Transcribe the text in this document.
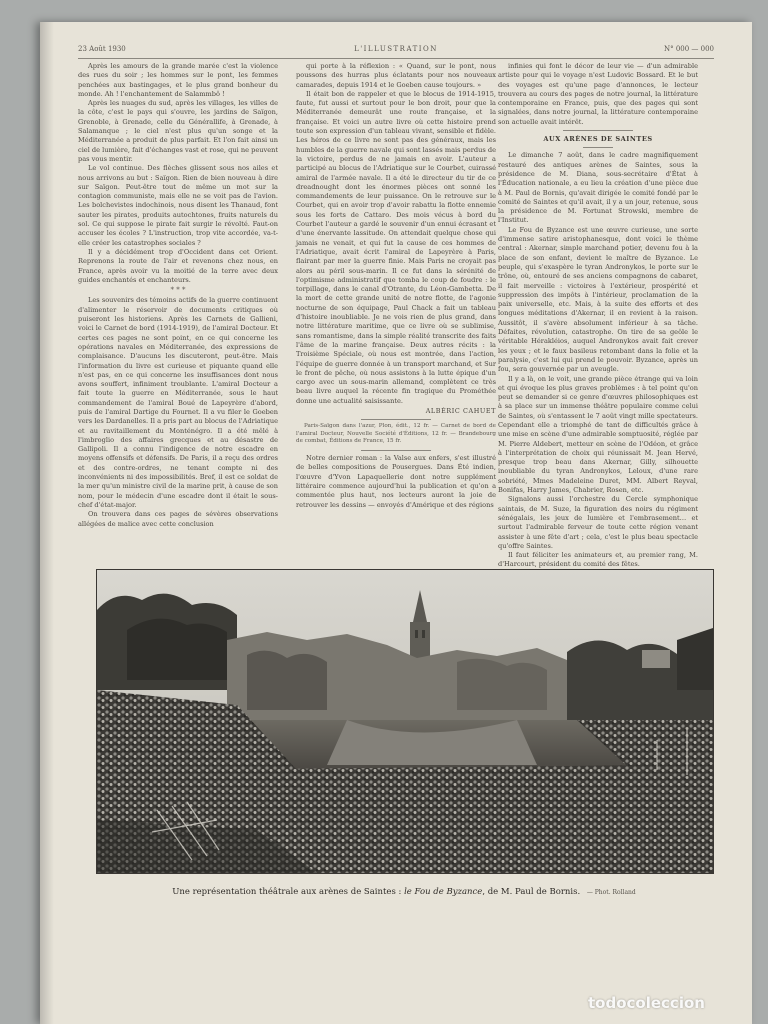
23 Août 1930	L'ILLUSTRATION	N° 000 — 000

Après les amours de la grande marée c'est la violence des rues du soir ; les hommes sur le pont, les femmes penchées aux bastingages, et le plus grand bonheur du monde. Ah ! l'enchantement de Salammbô !

Après les nuages du sud, après les villages, les villes de la côte, c'est le pays qui s'ouvre, les jardins de Saïgon, Grenoble, à Grenade, celle du Générallife, à Grenade, à Salamanque ; le ciel n'est plus qu'un songe et la Méditerranée a produit de plus parfait. Et l'on fait ainsi un ciel de lumière, fait d'échanges vast et rose, qui ne peuvent pas vous mentir.

Le vol continue. Des flèches glissent sous nos ailes et nous arrivons au but : Saïgon. Rien de bien nouveau à dire sur Saïgon. Peut-être tout de même un mot sur la contagion communiste, mais elle ne se voit pas de l'avion. Les bolchevistes indochinois, nous disent les Thanaud, font sauter les pirates, produits autochtones, fruits naturels du sol. Ce qui suppose le pirate fait surgir le révolté. Faut-on accuser les écoles ? L'instruction, trop vite accordée, va-t-elle créer les catastrophes sociales ?

Il y a décidément trop d'Occident dans cet Orient. Reprenons la route de l'air et revenons chez nous, en France, après avoir vu la moitié de la terre avec deux guides enchantés et enchanteurs.

* * *

Les souvenirs des témoins actifs de la guerre continuent d'alimenter le réservoir de documents critiques où puiseront les historiens. Après les Carnets de Gallieni, voici le Carnet de bord (1914-1919), de l'amiral Docteur. Et certes ces pages ne sont point, en ce qui concerne les opérations navales en Méditerranée, des expressions de complaisance. D'aucuns les discuteront, peut-être. Mais l'information du livre est curieuse et piquante quand elle n'est pas, en ce qui concerne les insuffisances dont nous avons souffert, infiniment troublante. L'amiral Docteur a fait toute la guerre en Méditerranée, sous le haut commandement de l'amiral Boué de Lapeyrère d'abord, puis de l'amiral Dartige du Fournet. Il a vu filer le Goeben vers les Dardanelles. Il a pris part au blocus de l'Adriatique et au ravitaillement du Monténégro. Il a été mêlé à l'imbroglio des affaires grecques et au désastre de Gallipoli. Il a connu l'indigence de notre escadre en moyens offensifs et défensifs. De Paris, il a reçu des ordres et des contre-ordres, ne tenant compte ni des inconvénients ni des impossibilités. Bref, il est ce soldat de la mer qu'un ministre civil de la marine prit, à cause de son nom, pour le médecin d'une escadre dont il était le sous-chef d'état-major.

On trouvera dans ces pages de sévères observations allégées de malice avec cette conclusion

qui porte à la réflexion : « Quand, sur le pont, nous poussons des hurras plus éclatants pour nos nouveaux camarades, depuis 1914 et le Goeben cause toujours. »

Il était bon de rappeler et que le blocus de 1914-1915, faute, fut aussi et surtout pour le bon droit, pour que la Méditerranée demeurât une route française, et la française. Et voici un autre livre où cette histoire prend toute son expression d'un tableau vivant, sensible et fidèle. Les héros de ce livre ne sont pas des généraux, mais les humbles de la guerre navale qui sont lassés mais perdus de la victoire, perdus de ne jamais en avoir. L'auteur a participé au blocus de l'Adriatique sur le Courbet, cuirassé amiral de l'armée navale. Il a été le directeur du tir de ce dreadnought dont les énormes pièces ont sonné les commandements de leur puissance. On le retrouve sur le Courbet, qui en avoir trop d'avoir rabattu la flotte ennemie sous les forts de Cattaro. Des mois vécus à bord du Courbet l'auteur a gardé le souvenir d'un ennui écrasant et d'une énervante lassitude. On attendait quelque chose qui jamais ne venait, et qui fut la cause de ces hommes de l'Adriatique, avait écrit l'amiral de Lapeyrère à Paris, flairant par mer la guerre finie. Mais Paris ne croyait pas alors au péril sous-marin. Il ce fut dans la sérénité de l'optimisme administratif que tomba le coup de foudre : le torpillage, dans le canal d'Otrante, du Léon-Gambetta. De la mort de cette grande unité de notre flotte, de l'agonie nocturne de son équipage, Paul Chack a fait un tableau d'histoire inoubliable. Je ne vois rien de plus grand, dans notre littérature maritime, que ce livre où se sublimise, sans romantisme, dans la simple réalité transcrite des faits l'âme de la marine française. Deux autres récits : la Troisième Spéciale, où nous est montrée, dans l'action, l'équipe de guerre donnée à un transport marchand, et Sur le front de pêche, où nous assistons à la lutte épique d'un cargo avec un sous-marin allemand, complètent ce très beau livre auquel la récente fin tragique du Prométhée donne une actualité saisissante.

ALBÉRIC CAHUET

Paris-Saïgon dans l'azur, Plon, édit., 12 fr. — Carnet de bord de l'amiral Docteur, Nouvelle Société d'Éditions, 12 fr. — Brandebourg de combat, Éditions de France, 15 fr.

Notre dernier roman : la Valse aux enfers, s'est illustré de belles compositions de Pousergues. Dans Été indien, l'œuvre d'Yvon Lapaquellerie dont notre supplément littéraire commence aujourd'hui la publication et qu'on a commentée plus haut, nos lecteurs auront la joie de retrouver les dessins — envoyés d'Amérique et des régions

infinies qui font le décor de leur vie — d'un admirable artiste pour qui le voyage n'est Ludovic Bossard. Et le but des voyages est qu'une page d'annonces, le lecteur trouvera au cours des pages de notre journal, la littérature contemporaine en France, puis, que des pages qui sont signalées, dans notre journal, la littérature contemporaine son actuelle avait intérêt.

AUX ARÈNES DE SAINTES

Le dimanche 7 août, dans le cadre magnifiquement restauré des antiques arènes de Saintes, sous la présidence de M. Diana, sous-secrétaire d'État à l'Éducation nationale, a eu lieu la création d'une pièce due à M. Paul de Bornis, qu'avait dirigée le comité fondé par le comité de Saintes et qu'il avait, il y a un jour, retenue, sous la présidence de M. Fortunat Strowski, membre de l'Institut.

Le Fou de Byzance est une œuvre curieuse, une sorte d'immense satire aristophanesque, dont voici le thème central : Akernar, simple marchand potier, devenu fou à la place de son enfant, devient le maître de Byzance. Le peuple, qui s'exaspère le tyran Andronykos, le porte sur le trône, où, entouré de ses anciens compagnons de cabaret, il fait merveille : victoires à l'extérieur, prospérité et suppression des impôts à l'intérieur, proclamation de la paix universelle, etc. Mais, à la suite des efforts et des longues méditations d'Akernar, il en revient à la raison. Aussitôt, il s'avère absolument inférieur à sa tâche. Défaites, révolution, catastrophe. On tire de sa geôle le véritable Hérakléios, auquel Andronykos avait fait crever les yeux ; et le faux basileus retombant dans la folie et la paralysie, c'est lui qui prend le pouvoir. Byzance, après un fou, sera gouvernée par un aveugle.

Il y a là, on le voit, une grande pièce étrange qui va loin et qui évoque les plus graves problèmes : à tel point qu'on peut se demander si ce genre d'œuvres philosophiques est à sa place sur un immense théâtre populaire comme celui de Saintes, où s'entassent le 7 août vingt mille spectateurs. Cependant elle a triomphé de tant de difficultés grâce à une mise en scène d'une admirable somptuosité, réglée par M. Pierre Aldebert, metteur en scène de l'Odéon, et grâce à l'interprétation de choix qui réunissait M. Jean Hervé, presque trop beau dans Akernar, Gilly, silhouette inoubliable du tyran Andronykos, Leloux, d'une rare sobriété, Mmes Madeleine Duret, MM. Albert Reyval, Bonifas, Harry James, Chabrier, Rosen, etc.

Signalons aussi l'orchestre du Cercle symphonique saintais, de M. Suze, la figuration des noirs du régiment sénégalais, les jeux de lumière et l'embrasement… et surtout l'admirable ferveur de toute cette région venant assister à une fête d'art ; cela, c'est le plus beau spectacle qu'offre Saintes.

Il faut féliciter les animateurs et, au premier rang, M. d'Harcourt, président du comité des fêtes.

Une représentation théâtrale aux arènes de Saintes : le Fou de Byzance, de M. Paul de Bornis. — Phot. Rolland
todocoleccion
